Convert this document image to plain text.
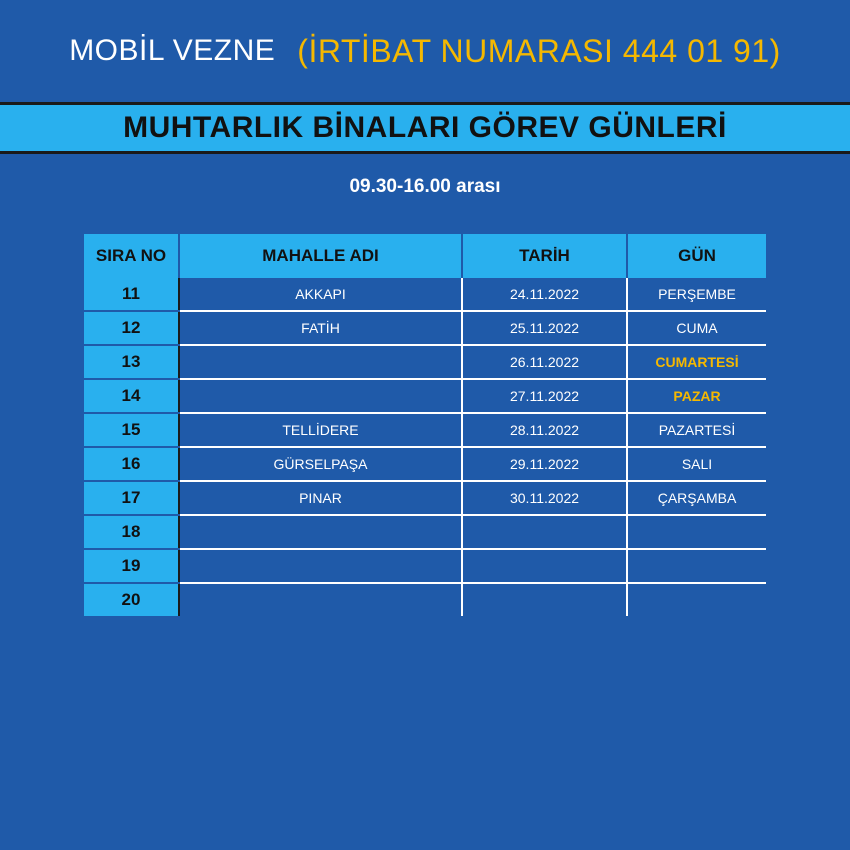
MOBİL VEZNE (İRTİBAT NUMARASI 444 01 91)
MUHTARLIK BİNALARI GÖREV GÜNLERİ
09.30-16.00 arası
SIRA NO	MAHALLE ADI	TARİH	GÜN
11	AKKAPI	24.11.2022	PERŞEMBE
12	FATİH	25.11.2022	CUMA
13		26.11.2022	CUMARTESİ
14		27.11.2022	PAZAR
15	TELLİDERE	28.11.2022	PAZARTESİ
16	GÜRSELPAŞA	29.11.2022	SALI
17	PINAR	30.11.2022	ÇARŞAMBA
18			
19			
20			
